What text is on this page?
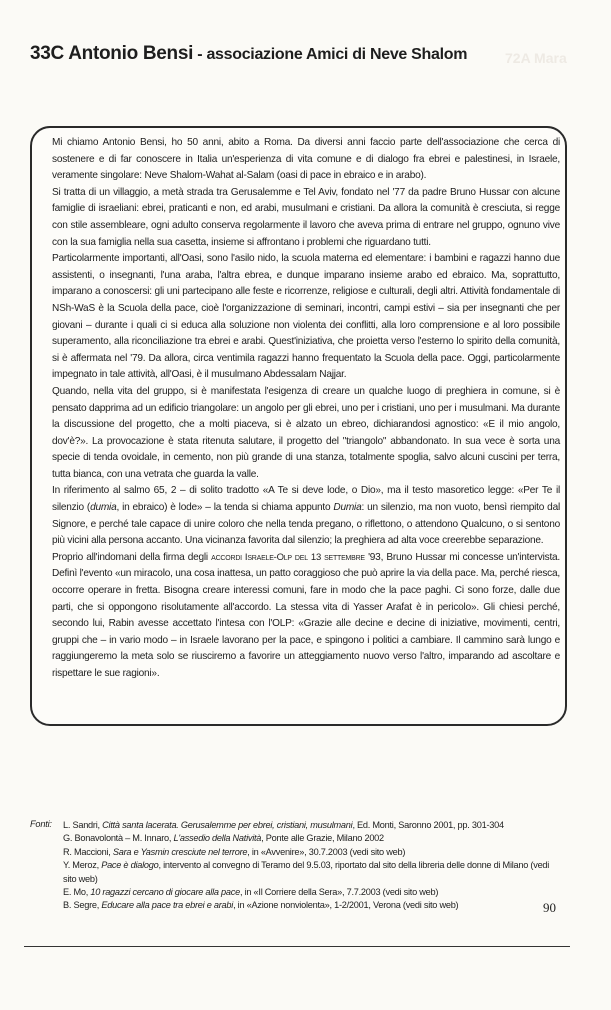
72A Mara
33C Antonio Bensi - associazione Amici di Neve Shalom

Mi chiamo Antonio Bensi, ho 50 anni, abito a Roma. Da diversi anni faccio parte dell'associazione che cerca di sostenere e di far conoscere in Italia un'esperienza di vita comune e di dialogo fra ebrei e palestinesi, in Israele, veramente singolare: Neve Shalom-Wahat al-Salam (oasi di pace in ebraico e in arabo).

Si tratta di un villaggio, a metà strada tra Gerusalemme e Tel Aviv, fondato nel '77 da padre Bruno Hussar con alcune famiglie di israeliani: ebrei, praticanti e non, ed arabi, musulmani e cristiani. Da allora la comunità è cresciuta, si regge con stile assembleare, ogni adulto conserva regolarmente il lavoro che aveva prima di entrare nel gruppo, ognuno vive con la sua famiglia nella sua casetta, insieme si affrontano i problemi che riguardano tutti.

Particolarmente importanti, all'Oasi, sono l'asilo nido, la scuola materna ed elementare: i bambini e ragazzi hanno due assistenti, o insegnanti, l'una araba, l'altra ebrea, e dunque imparano insieme arabo ed ebraico. Ma, soprattutto, imparano a conoscersi: gli uni partecipano alle feste e ricorrenze, religiose e culturali, degli altri. Attività fondamentale di NSh-WaS è la Scuola della pace, cioè l'organizzazione di seminari, incontri, campi estivi – sia per insegnanti che per giovani – durante i quali ci si educa alla soluzione non violenta dei conflitti, alla loro comprensione e al loro possibile superamento, alla riconciliazione tra ebrei e arabi. Quest'iniziativa, che proietta verso l'esterno lo spirito della comunità, si è affermata nel '79. Da allora, circa ventimila ragazzi hanno frequentato la Scuola della pace. Oggi, particolarmente impegnato in tale attività, all'Oasi, è il musulmano Abdessalam Najjar.

Quando, nella vita del gruppo, si è manifestata l'esigenza di creare un qualche luogo di preghiera in comune, si è pensato dapprima ad un edificio triangolare: un angolo per gli ebrei, uno per i cristiani, uno per i musulmani. Ma durante la discussione del progetto, che a molti piaceva, si è alzato un ebreo, dichiarandosi agnostico: «E il mio angolo, dov'è?». La provocazione è stata ritenuta salutare, il progetto del "triangolo" abbandonato. In sua vece è sorta una specie di tenda ovoidale, in cemento, non più grande di una stanza, totalmente spoglia, salvo alcuni cuscini per terra, tutta bianca, con una vetrata che guarda la valle.

In riferimento al salmo 65, 2 – di solito tradotto «A Te si deve lode, o Dio», ma il testo masoretico legge: «Per Te il silenzio (dumia, in ebraico) è lode» – la tenda si chiama appunto Dumia: un silenzio, ma non vuoto, bensì riempito dal Signore, e perché tale capace di unire coloro che nella tenda pregano, o riflettono, o attendono Qualcuno, o si sentono più vicini alla persona accanto. Una vicinanza favorita dal silenzio; la preghiera ad alta voce creerebbe separazione.

Proprio all'indomani della firma degli accordi Israele-Olp del 13 settembre '93, Bruno Hussar mi concesse un'intervista. Definì l'evento «un miracolo, una cosa inattesa, un patto coraggioso che può aprire la via della pace. Ma, perché riesca, occorre operare in fretta. Bisogna creare interessi comuni, fare in modo che la pace paghi. Ci sono forze, dalle due parti, che si oppongono risolutamente all'accordo. La stessa vita di Yasser Arafat è in pericolo». Gli chiesi perché, secondo lui, Rabin avesse accettato l'intesa con l'OLP: «Grazie alle decine e decine di iniziative, movimenti, centri, gruppi che – in vario modo – in Israele lavorano per la pace, e spingono i politici a cambiare. Il cammino sarà lungo e raggiungeremo la meta solo se riusciremo a favorire un atteggiamento nuovo verso l'altro, imparando ad ascoltare e rispettare le sue ragioni».

Fonti: L. Sandri, Città santa lacerata. Gerusalemme per ebrei, cristiani, musulmani, Ed. Monti, Saronno 2001, pp. 301-304
G. Bonavolontà – M. Innaro, L'assedio della Natività, Ponte alle Grazie, Milano 2002
R. Maccioni, Sara e Yasmin cresciute nel terrore, in «Avvenire», 30.7.2003 (vedi sito web)
Y. Meroz, Pace è dialogo, intervento al convegno di Teramo del 9.5.03, riportato dal sito della libreria delle donne di Milano (vedi sito web)
E. Mo, 10 ragazzi cercano di giocare alla pace, in «Il Corriere della Sera», 7.7.2003 (vedi sito web)
B. Segre, Educare alla pace tra ebrei e arabi, in «Azione nonviolenta», 1-2/2001, Verona (vedi sito web)	90
